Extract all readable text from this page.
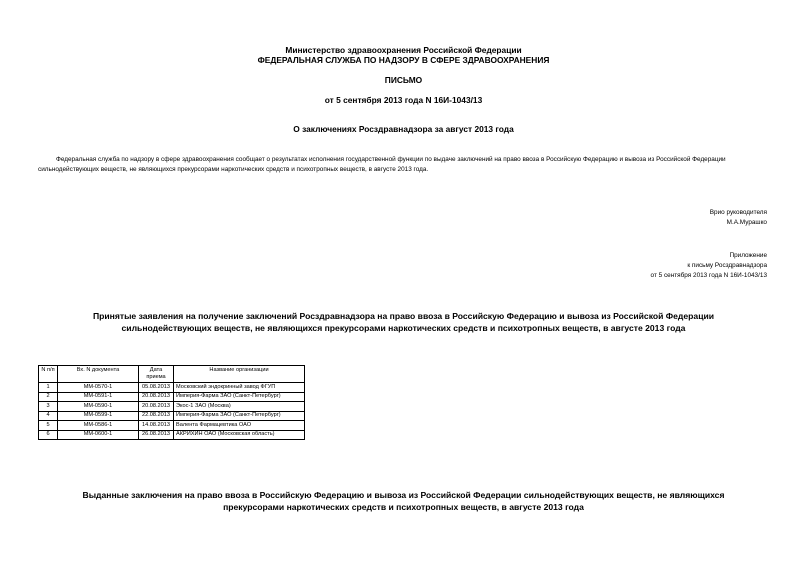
Министерство здравоохранения Российской Федерации
ФЕДЕРАЛЬНАЯ СЛУЖБА ПО НАДЗОРУ В СФЕРЕ ЗДРАВООХРАНЕНИЯ
ПИСЬМО
от 5 сентября 2013 года N 16И-1043/13
О заключениях Росздравнадзора за август 2013 года
Федеральная служба по надзору в сфере здравоохранения сообщает о результатах исполнения государственной функции по выдаче заключений на право ввоза в Российскую Федерацию и вывоза из Российской Федерации сильнодействующих веществ, не являющихся прекурсорами наркотических средств и психотропных веществ, в августе 2013 года.
Врио руководителя
М.А.Мурашко
Приложение
к письму Росздравнадзора
от 5 сентября 2013 года N 16И-1043/13
Принятые заявления на получение заключений Росздравнадзора на право ввоза в Российскую Федерацию и вывоза из Российской Федерации
сильнодействующих веществ, не являющихся прекурсорами наркотических средств и психотропных веществ, в августе 2013 года
N п/п	Вх. N документа	Дата приема	Название организации
1	ММ-0570-1	05.08.2013	Московский эндокринный завод ФГУП
2	ММ-0591-1	20.08.2013	Империя-Фарма ЗАО (Санкт-Петербург)
3	ММ-0590-1	20.08.2013	Экос-1 ЗАО (Москва)
4	ММ-0599-1	22.08.2013	Империя-Фарма ЗАО (Санкт-Петербург)
5	ММ-0586-1	14.08.2013	Валента Фармацевтика ОАО
6	ММ-0600-1	26.08.2013	АКРИХИН ОАО (Московская область)
Выданные заключения на право ввоза в Российскую Федерацию и вывоза из Российской Федерации сильнодействующих веществ, не являющихся
прекурсорами наркотических средств и психотропных веществ, в августе 2013 года
